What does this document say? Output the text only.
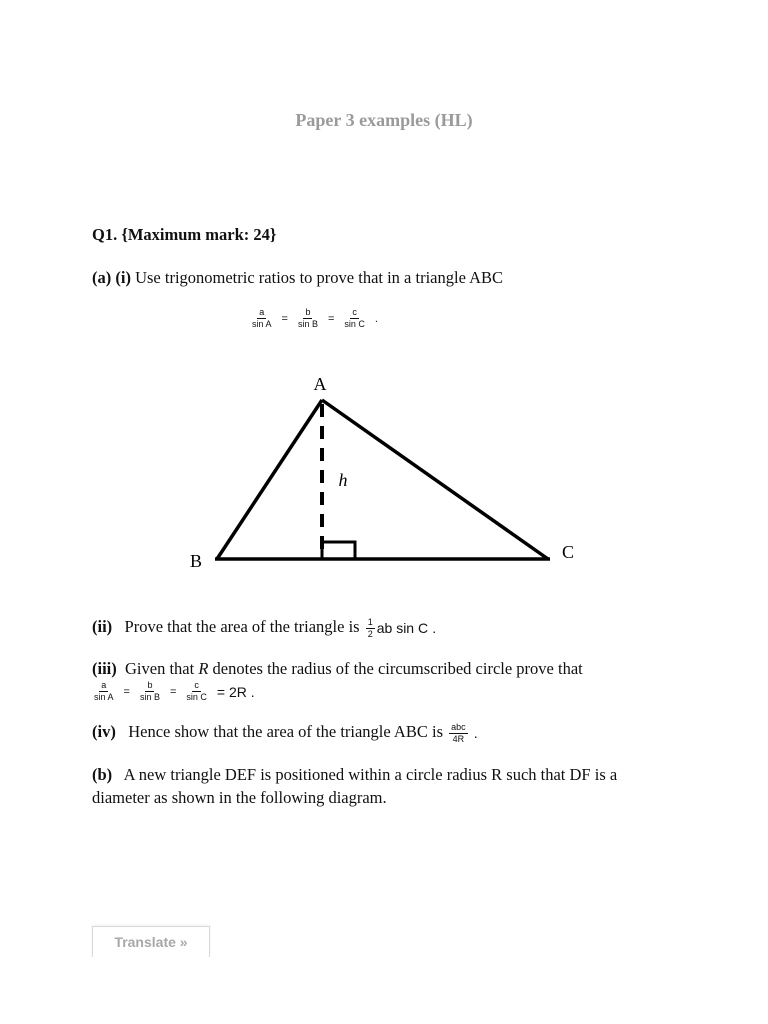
Paper 3 examples (HL)
Q1. {Maximum mark: 24}
(a) (i) Use trigonometric ratios to prove that in a triangle ABC
$\frac{a}{\text{sin A}} = \frac{b}{\text{sin B}} = \frac{c}{\text{sin C}}$ .
A
B	C
h
(ii) Prove that the area of the triangle is $\frac{1}{2}$ ab sin C .
(iii) Given that R denotes the radius of the circumscribed circle prove that
$\frac{a}{\text{sin A}} = \frac{b}{\text{sin B}} = \frac{c}{\text{sin C}} = 2R$ .
(iv) Hence show that the area of the triangle ABC is $\frac{\text{abc}}{4R}$ .
(b) A new triangle DEF is positioned within a circle radius R such that DF is a
diameter as shown in the following diagram.
Translate »
